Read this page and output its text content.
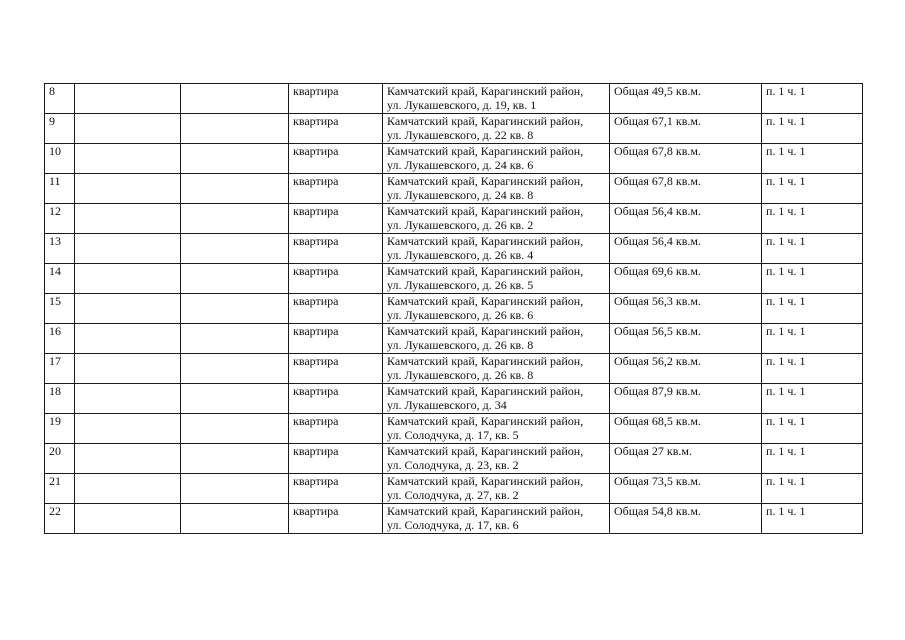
8			квартира	Камчатский край, Карагинский район,
ул. Лукашевского, д. 19, кв. 1	Общая 49,5 кв.м.	п. 1 ч. 1
9			квартира	Камчатский край, Карагинский район,
ул. Лукашевского, д. 22 кв. 8	Общая 67,1 кв.м.	п. 1 ч. 1
10			квартира	Камчатский край, Карагинский район,
ул. Лукашевского, д. 24 кв. 6	Общая 67,8 кв.м.	п. 1 ч. 1
11			квартира	Камчатский край, Карагинский район,
ул. Лукашевского, д. 24 кв. 8	Общая 67,8 кв.м.	п. 1 ч. 1
12			квартира	Камчатский край, Карагинский район,
ул. Лукашевского, д. 26 кв. 2	Общая 56,4 кв.м.	п. 1 ч. 1
13			квартира	Камчатский край, Карагинский район,
ул. Лукашевского, д. 26 кв. 4	Общая 56,4 кв.м.	п. 1 ч. 1
14			квартира	Камчатский край, Карагинский район,
ул. Лукашевского, д. 26 кв. 5	Общая 69,6 кв.м.	п. 1 ч. 1
15			квартира	Камчатский край, Карагинский район,
ул. Лукашевского, д. 26 кв. 6	Общая 56,3 кв.м.	п. 1 ч. 1
16			квартира	Камчатский край, Карагинский район,
ул. Лукашевского, д. 26 кв. 8	Общая 56,5 кв.м.	п. 1 ч. 1
17			квартира	Камчатский край, Карагинский район,
ул. Лукашевского, д. 26 кв. 8	Общая 56,2 кв.м.	п. 1 ч. 1
18			квартира	Камчатский край, Карагинский район,
ул. Лукашевского, д. 34	Общая 87,9 кв.м.	п. 1 ч. 1
19			квартира	Камчатский край, Карагинский район,
ул. Солодчука, д. 17, кв. 5	Общая 68,5 кв.м.	п. 1 ч. 1
20			квартира	Камчатский край, Карагинский район,
ул. Солодчука, д. 23, кв. 2	Общая 27 кв.м.	п. 1 ч. 1
21			квартира	Камчатский край, Карагинский район,
ул. Солодчука, д. 27, кв. 2	Общая 73,5 кв.м.	п. 1 ч. 1
22			квартира	Камчатский край, Карагинский район,
ул. Солодчука, д. 17, кв. 6	Общая 54,8 кв.м.	п. 1 ч. 1
